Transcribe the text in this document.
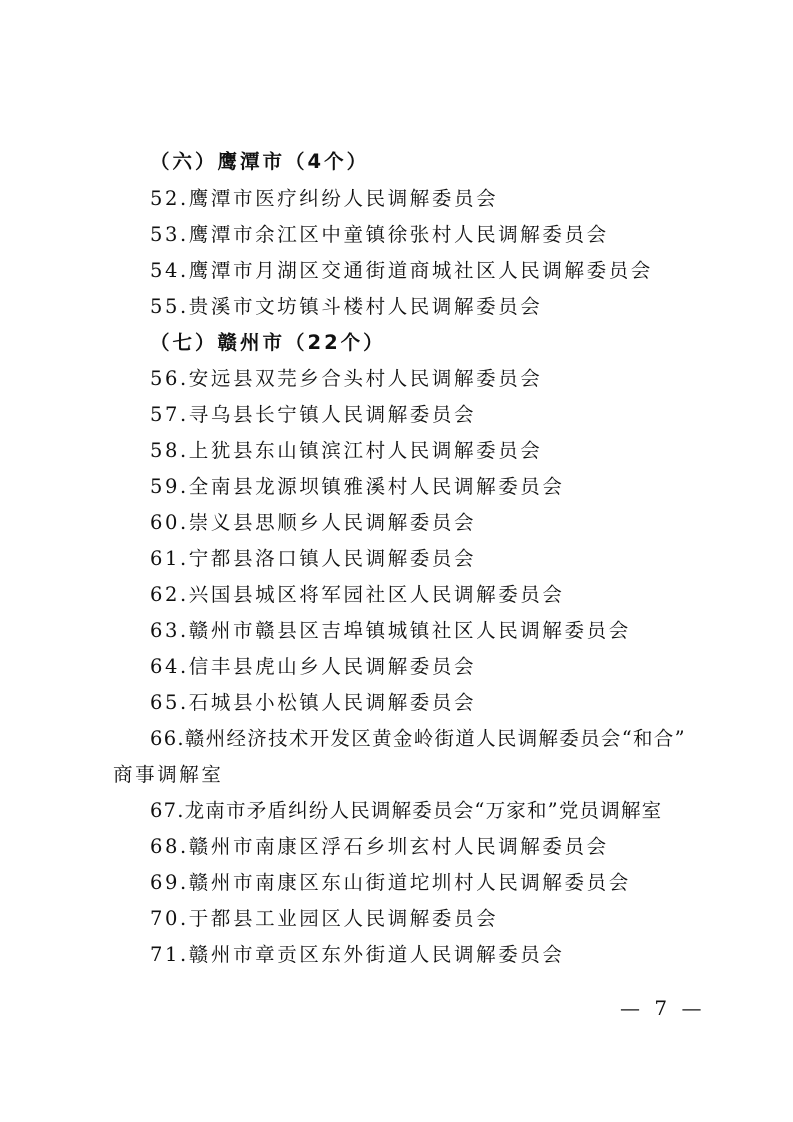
（六）鹰潭市（4个）
52.鹰潭市医疗纠纷人民调解委员会
53.鹰潭市余江区中童镇徐张村人民调解委员会
54.鹰潭市月湖区交通街道商城社区人民调解委员会
55.贵溪市文坊镇斗楼村人民调解委员会
（七）赣州市（22个）
56.安远县双芫乡合头村人民调解委员会
57.寻乌县长宁镇人民调解委员会
58.上犹县东山镇滨江村人民调解委员会
59.全南县龙源坝镇雅溪村人民调解委员会
60.崇义县思顺乡人民调解委员会
61.宁都县洛口镇人民调解委员会
62.兴国县城区将军园社区人民调解委员会
63.赣州市赣县区吉埠镇城镇社区人民调解委员会
64.信丰县虎山乡人民调解委员会
65.石城县小松镇人民调解委员会
66.赣州经济技术开发区黄金岭街道人民调解委员会“和合”
商事调解室
67.龙南市矛盾纠纷人民调解委员会“万家和”党员调解室
68.赣州市南康区浮石乡圳玄村人民调解委员会
69.赣州市南康区东山街道坨圳村人民调解委员会
70.于都县工业园区人民调解委员会
71.赣州市章贡区东外街道人民调解委员会
— 7 —
